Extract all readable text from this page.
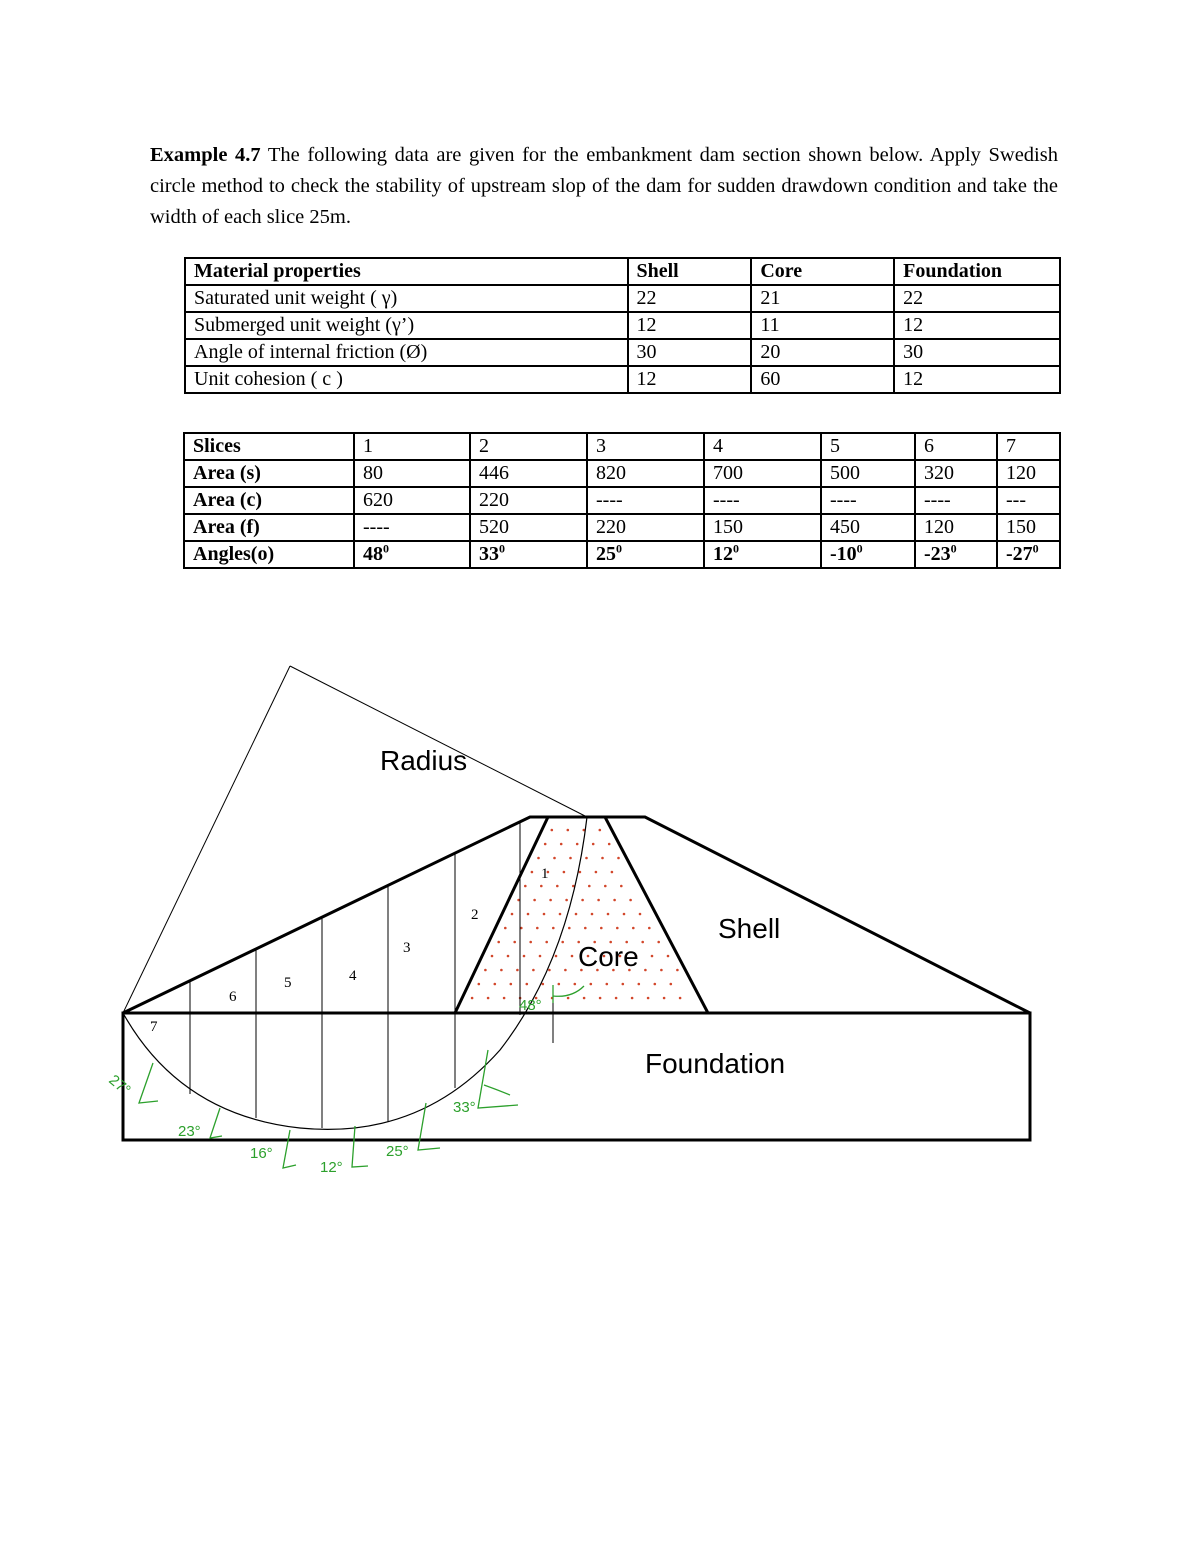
Example 4.7 The following data are given for the embankment dam section shown below. Apply Swedish circle method to check the stability of upstream slop of the dam for sudden drawdown condition and take the width of each slice 25m.

Material properties	Shell	Core	Foundation
Saturated unit weight ( γ)	22	21	22
Submerged unit weight (γ’)	12	11	12
Angle of internal friction (Ø)	30	20	30
Unit cohesion ( c )	12	60	12
Slices	1	2	3	4	5	6	7
Area (s)	80	446	820	700	500	320	120
Area (c)	620	220	----	----	----	----	---
Area (f)	----	520	220	150	450	120	150
Angles(o)	$48^0$	$33^0$	$25^0$	$12^0$	$-10^0$	$-23^0$	$-27^0$
Radius
Shell
Core
Foundation
1
2
3
4
5
6
7
48°
33°
25°
12°
16°
23°
27°
